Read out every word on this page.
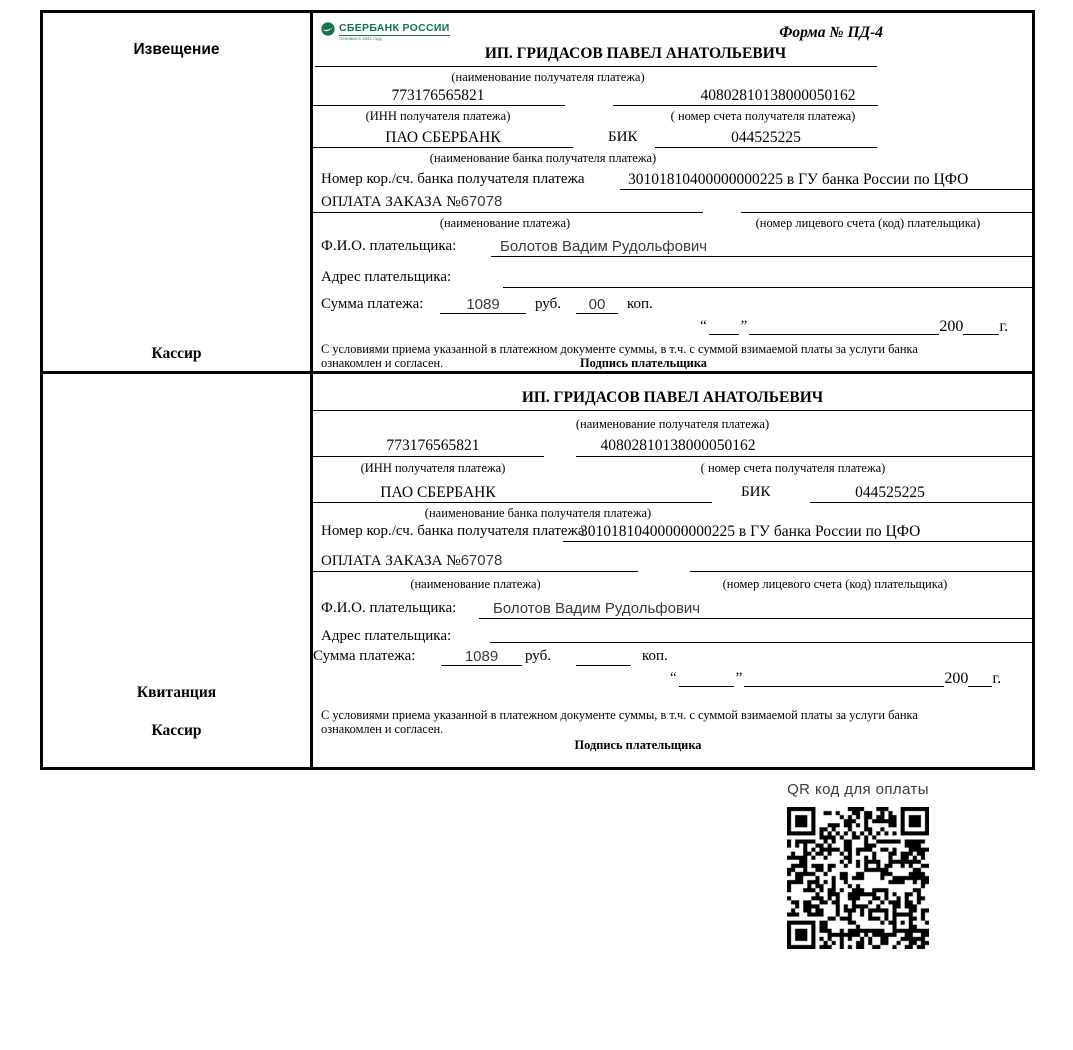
Извещение
Кассир
СБЕРБАНК РОССИИ
Основан в 1841 году	Форма № ПД-4
ИП. ГРИДАСОВ ПАВЕЛ АНАТОЛЬЕВИЧ
(наименование получателя платежа)
773176565821	40802810138000050162
(ИНН получателя платежа)	( номер счета получателя платежа)
ПАО СБЕРБАНК	БИК	044525225
(наименование банка получателя платежа)
Номер кор./сч. банка получателя платежа	30101810400000000225 в ГУ банка России по ЦФО
ОПЛАТА ЗАКАЗА №67078
(наименование платежа)	(номер лицевого счета (код) плательщика)
Ф.И.О. плательщика:	Болотов Вадим Рудольфович
Адрес плательщика:
Сумма платежа:	1089	руб.	00	коп.
“ ”	200 г.
С условиями приема указанной в платежном документе суммы, в т.ч. с суммой взимаемой платы за услуги банка
ознакомлен и согласен.	Подпись плательщика
Квитанция
Кассир
ИП. ГРИДАСОВ ПАВЕЛ АНАТОЛЬЕВИЧ
(наименование получателя платежа)
773176565821	40802810138000050162
(ИНН получателя платежа)	( номер счета получателя платежа)
ПАО СБЕРБАНК	БИК	044525225
(наименование банка получателя платежа)
Номер кор./сч. банка получателя платежа
30101810400000000225 в ГУ банка России по ЦФО
ОПЛАТА ЗАКАЗА №67078
(наименование платежа)	(номер лицевого счета (код) плательщика)
Ф.И.О. плательщика: Болотов Вадим Рудольфович
Адрес плательщика:
Сумма платежа:	1089	руб.	коп.
“	”	200 г.
С условиями приема указанной в платежном документе суммы, в т.ч. с суммой взимаемой платы за услуги банка
ознакомлен и согласен.
Подпись плательщика
QR код для оплаты
